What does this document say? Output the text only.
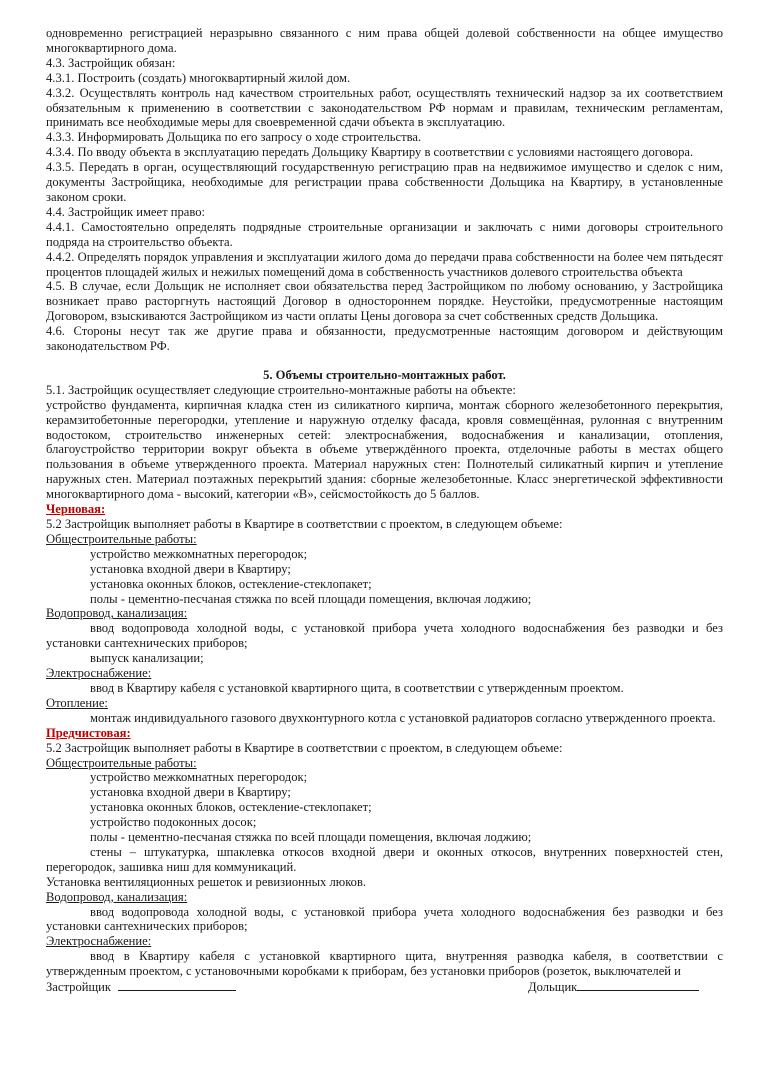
одновременно регистрацией неразрывно связанного с ним права общей долевой собственности на общее имущество многоквартирного дома.

4.3. Застройщик обязан:

4.3.1. Построить (создать) многоквартирный жилой дом.

4.3.2. Осуществлять контроль над качеством строительных работ, осуществлять технический надзор за их соответствием обязательным к применению в соответствии с законодательством РФ нормам и правилам, техническим регламентам, принимать все необходимые меры для своевременной сдачи объекта в эксплуатацию.

4.3.3. Информировать Дольщика по его запросу о ходе строительства.

4.3.4. По вводу объекта в эксплуатацию передать Дольщику Квартиру в соответствии с условиями настоящего договора.

4.3.5. Передать в орган, осуществляющий государственную регистрацию прав на недвижимое имущество и сделок с ним, документы Застройщика, необходимые для регистрации права собственности Дольщика на Квартиру, в установленные законом сроки.

4.4. Застройщик имеет право:

4.4.1. Самостоятельно определять подрядные строительные организации и заключать с ними договоры строительного подряда на строительство объекта.

4.4.2. Определять порядок управления и эксплуатации жилого дома до передачи права собственности на более чем пятьдесят процентов площадей жилых и нежилых помещений дома в собственность участников долевого строительства объекта

4.5. В случае, если Дольщик не исполняет свои обязательства перед Застройщиком по любому основанию, у Застройщика возникает право расторгнуть настоящий Договор в одностороннем порядке. Неустойки, предусмотренные настоящим Договором, взыскиваются Застройщиком из части оплаты Цены договора за счет собственных средств Дольщика.

4.6. Стороны несут так же другие права и обязанности, предусмотренные настоящим договором и действующим законодательством РФ.

5. Объемы строительно-монтажных работ.

5.1. Застройщик осуществляет следующие строительно-монтажные работы на объекте:

устройство фундамента, кирпичная кладка стен из силикатного кирпича, монтаж сборного железобетонного перекрытия, керамзитобетонные перегородки, утепление и наружную отделку фасада, кровля совмещённая, рулонная с внутренним водостоком, строительство инженерных сетей: электроснабжения, водоснабжения и канализации, отопления, благоустройство территории вокруг объекта в объеме утверждённого проекта, отделочные работы в местах общего пользования в объеме утвержденного проекта. Материал наружных стен: Полнотелый силикатный кирпич и утепление наружных стен. Материал поэтажных перекрытий здания: сборные железобетонные. Класс энергетической эффективности многоквартирного дома - высокий, категории «В», сейсмостойкость до 5 баллов.

Черновая:

5.2 Застройщик выполняет работы в Квартире в соответствии с проектом, в следующем объеме:

Общестроительные работы:

устройство межкомнатных перегородок;

установка входной двери в Квартиру;

установка оконных блоков, остекление-стеклопакет;

полы - цементно-песчаная стяжка по всей площади помещения, включая лоджию;

Водопровод, канализация:

ввод водопровода холодной воды, с установкой прибора учета холодного водоснабжения без разводки и без установки сантехнических приборов;

выпуск канализации;

Электроснабжение:

ввод в Квартиру кабеля с установкой квартирного щита, в соответствии с утвержденным проектом.

Отопление:

монтаж индивидуального газового двухконтурного котла с установкой радиаторов согласно утвержденного проекта.

Предчистовая:

5.2 Застройщик выполняет работы в Квартире в соответствии с проектом, в следующем объеме:

Общестроительные работы:

устройство межкомнатных перегородок;

установка входной двери в Квартиру;

установка оконных блоков, остекление-стеклопакет;

устройство подоконных досок;

полы - цементно-песчаная стяжка по всей площади помещения, включая лоджию;

стены – штукатурка, шпаклевка откосов входной двери и оконных откосов, внутренних поверхностей стен, перегородок, зашивка ниш для коммуникаций.

Установка вентиляционных решеток и ревизионных люков.

Водопровод, канализация:

ввод водопровода холодной воды, с установкой прибора учета холодного водоснабжения без разводки и без установки сантехнических приборов;

Электроснабжение:

ввод в Квартиру кабеля с установкой квартирного щита, внутренняя разводка кабеля, в соответствии с утвержденным проектом, с установочными коробками к приборам, без установки приборов (розеток, выключателей и

Застройщик	Дольщик
